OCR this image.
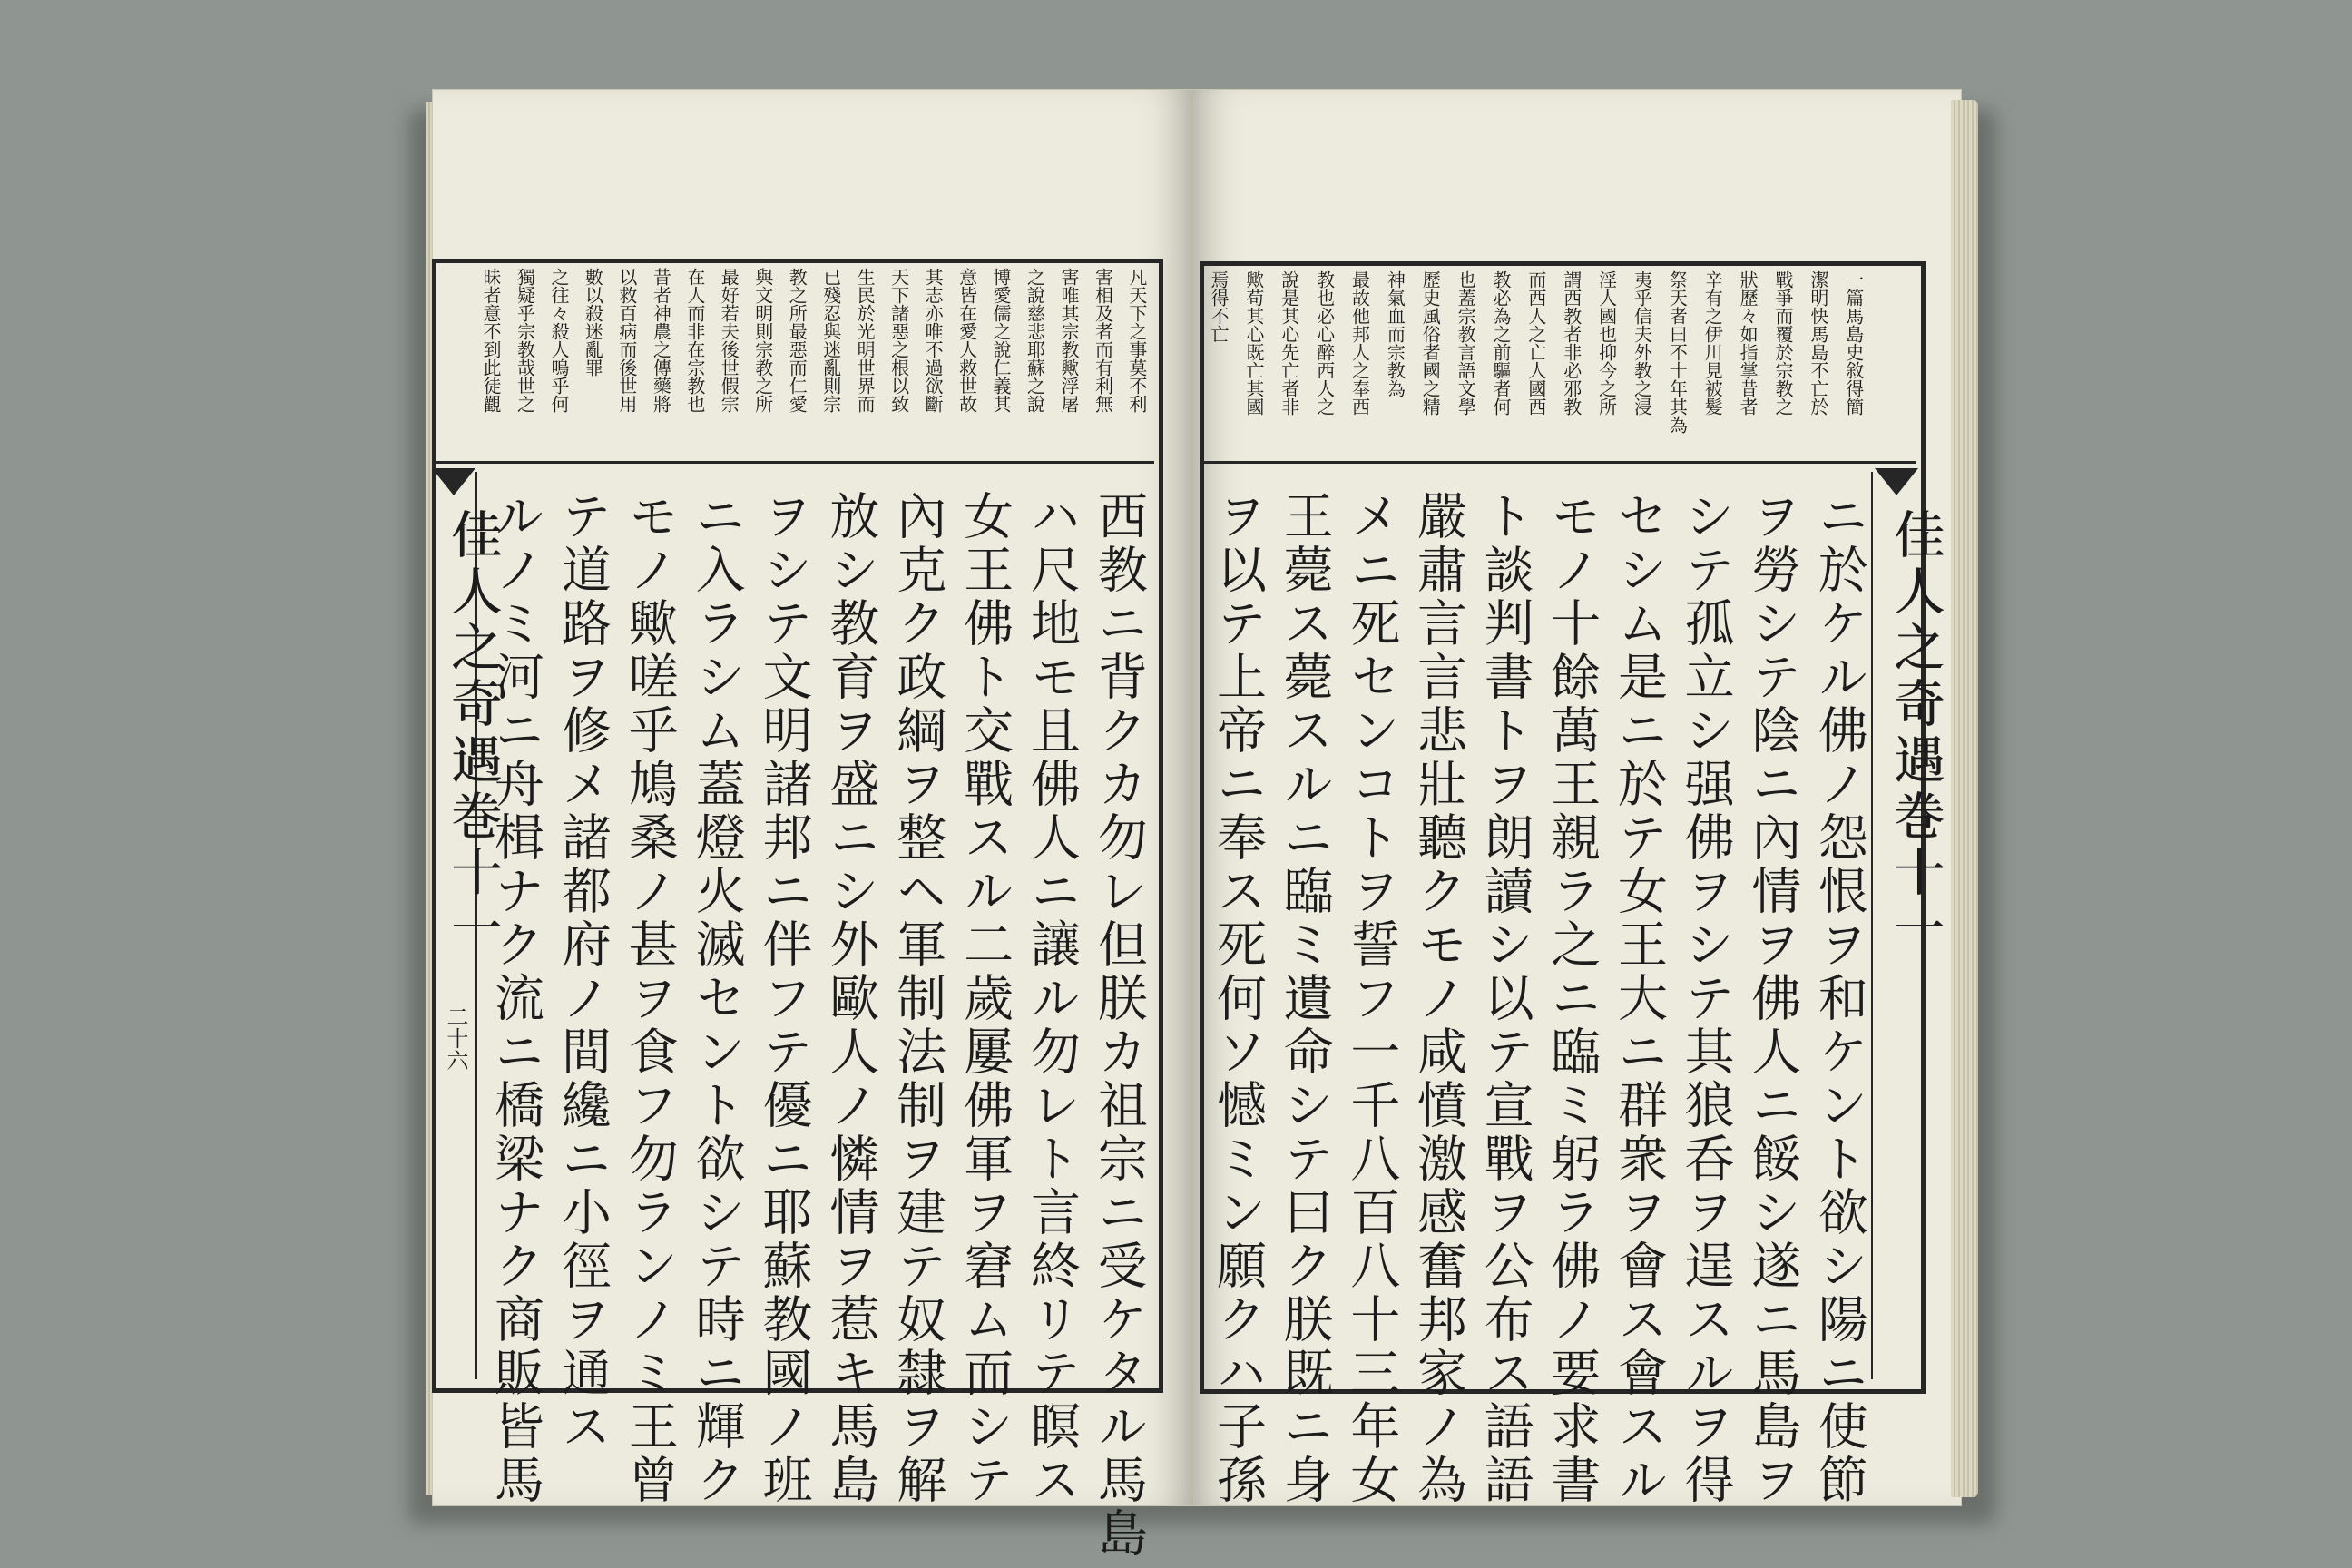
佳人之奇遇巻十一
二十六
凡天下之事莫不利
害相及者而有利無
害唯其宗教歟浮屠
之說慈悲耶蘇之說
博愛儒之說仁義其
意皆在愛人救世故
其志亦唯不過欲斷
天下諸惡之根以致
生民於光明世界而
已殘忍與迷亂則宗
教之所最惡而仁愛
與文明則宗教之所
最好若夫後世假宗
在人而非在宗教也
昔者神農之傳藥將
以救百病而後世用
數以殺迷亂罪
之往々殺人嗚乎何
獨疑乎宗教哉世之
昧者意不到此徒觀
西教ニ背クカ勿レ但朕カ祖宗ニ受ケタル馬島
ハ尺地モ且佛人ニ讓ル勿レト言終リテ瞑ス
女王佛ト交戰スル二歲屢佛軍ヲ窘ム而シテ
內克ク政綱ヲ整ヘ軍制法制ヲ建テ奴隸ヲ解
放シ教育ヲ盛ニシ外歐人ノ憐情ヲ惹キ馬島
ヲシテ文明諸邦ニ伴フテ優ニ耶蘇教國ノ班
ニ入ラシム蓋燈火滅セント欲シテ時ニ輝ク
モノ歟嗟乎鳩桑ノ甚ヲ食フ勿ランノミ王曾
テ道路ヲ修メ諸都府ノ間纔ニ小徑ヲ通ス
ルノミ河ニ舟楫ナク流ニ橋梁ナク商販皆馬	佳人之奇遇巻十一
一篇馬島史敘得簡
潔明快馬島不亡於
戰爭而覆於宗教之
狀歷々如指掌昔者
辛有之伊川見被髮
祭天者曰不十年其為
夷乎信夫外教之浸
淫人國也抑今之所
謂西教者非必邪教
而西人之亡人國西
教必為之前驅者何
也蓋宗教言語文學
歷史風俗者國之精
神氣血而宗教為
最故他邦人之奉西
教也必心醉西人之
說是其心先亡者非
歟苟其心既亡其國
焉得不亡
ニ於ケル佛ノ怨恨ヲ和ケント欲シ陽ニ使節
ヲ勞シテ陰ニ內情ヲ佛人ニ餒シ遂ニ馬島ヲ
シテ孤立シ强佛ヲシテ其狼呑ヲ逞スルヲ得
セシム是ニ於テ女王大ニ群衆ヲ會ス會スル
モノ十餘萬王親ラ之ニ臨ミ躬ラ佛ノ要求書
ト談判書トヲ朗讀シ以テ宣戰ヲ公布ス語語
嚴肅言言悲壯聽クモノ咸憤激感奮邦家ノ為
メニ死センコトヲ誓フ一千八百八十三年女
王薨ス薨スルニ臨ミ遺命シテ曰ク朕既ニ身
ヲ以テ上帝ニ奉ス死何ソ憾ミン願クハ子孫
